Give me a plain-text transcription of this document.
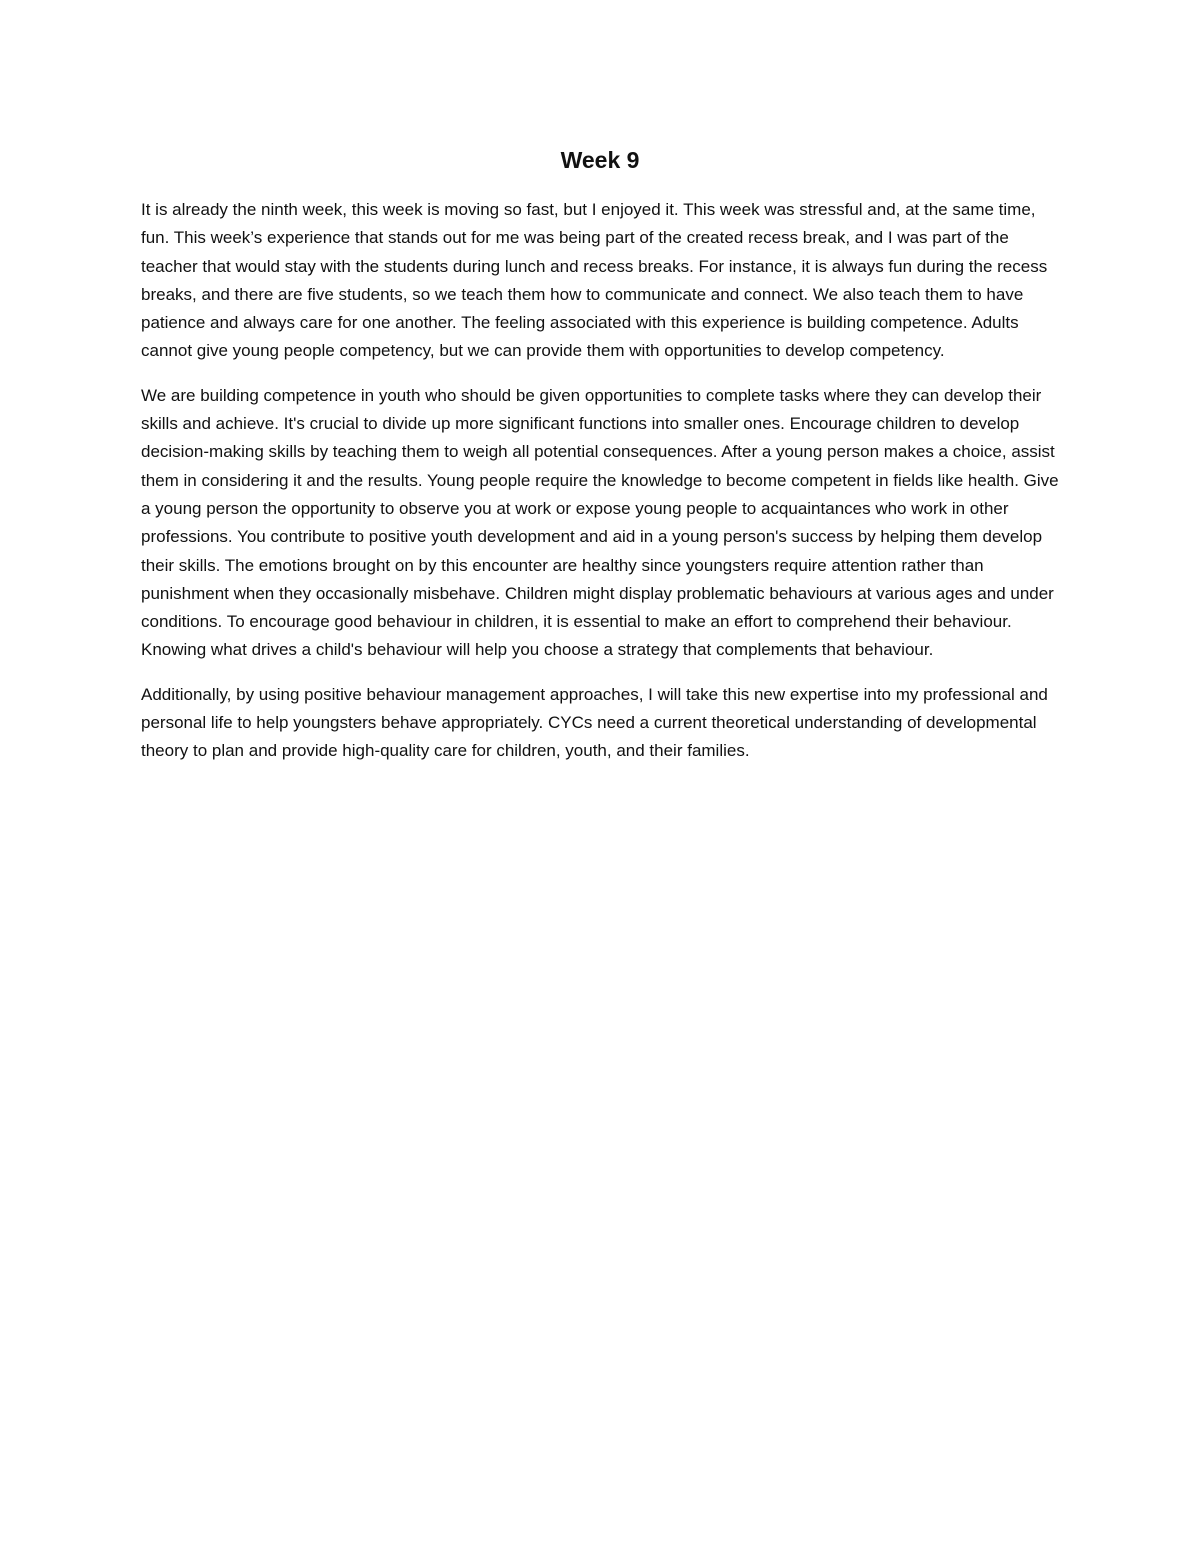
Week 9

It is already the ninth week, this week is moving so fast, but I enjoyed it. This week was stressful and, at the same time, fun. This week’s experience that stands out for me was being part of the created recess break, and I was part of the teacher that would stay with the students during lunch and recess breaks. For instance, it is always fun during the recess breaks, and there are five students, so we teach them how to communicate and connect. We also teach them to have patience and always care for one another. The feeling associated with this experience is building competence. Adults cannot give young people competency, but we can provide them with opportunities to develop competency.

We are building competence in youth who should be given opportunities to complete tasks where they can develop their skills and achieve. It's crucial to divide up more significant functions into smaller ones. Encourage children to develop decision-making skills by teaching them to weigh all potential consequences. After a young person makes a choice, assist them in considering it and the results. Young people require the knowledge to become competent in fields like health. Give a young person the opportunity to observe you at work or expose young people to acquaintances who work in other professions. You contribute to positive youth development and aid in a young person's success by helping them develop their skills. The emotions brought on by this encounter are healthy since youngsters require attention rather than punishment when they occasionally misbehave. Children might display problematic behaviours at various ages and under conditions. To encourage good behaviour in children, it is essential to make an effort to comprehend their behaviour. Knowing what drives a child's behaviour will help you choose a strategy that complements that behaviour.

Additionally, by using positive behaviour management approaches, I will take this new expertise into my professional and personal life to help youngsters behave appropriately. CYCs need a current theoretical understanding of developmental theory to plan and provide high-quality care for children, youth, and their families.
